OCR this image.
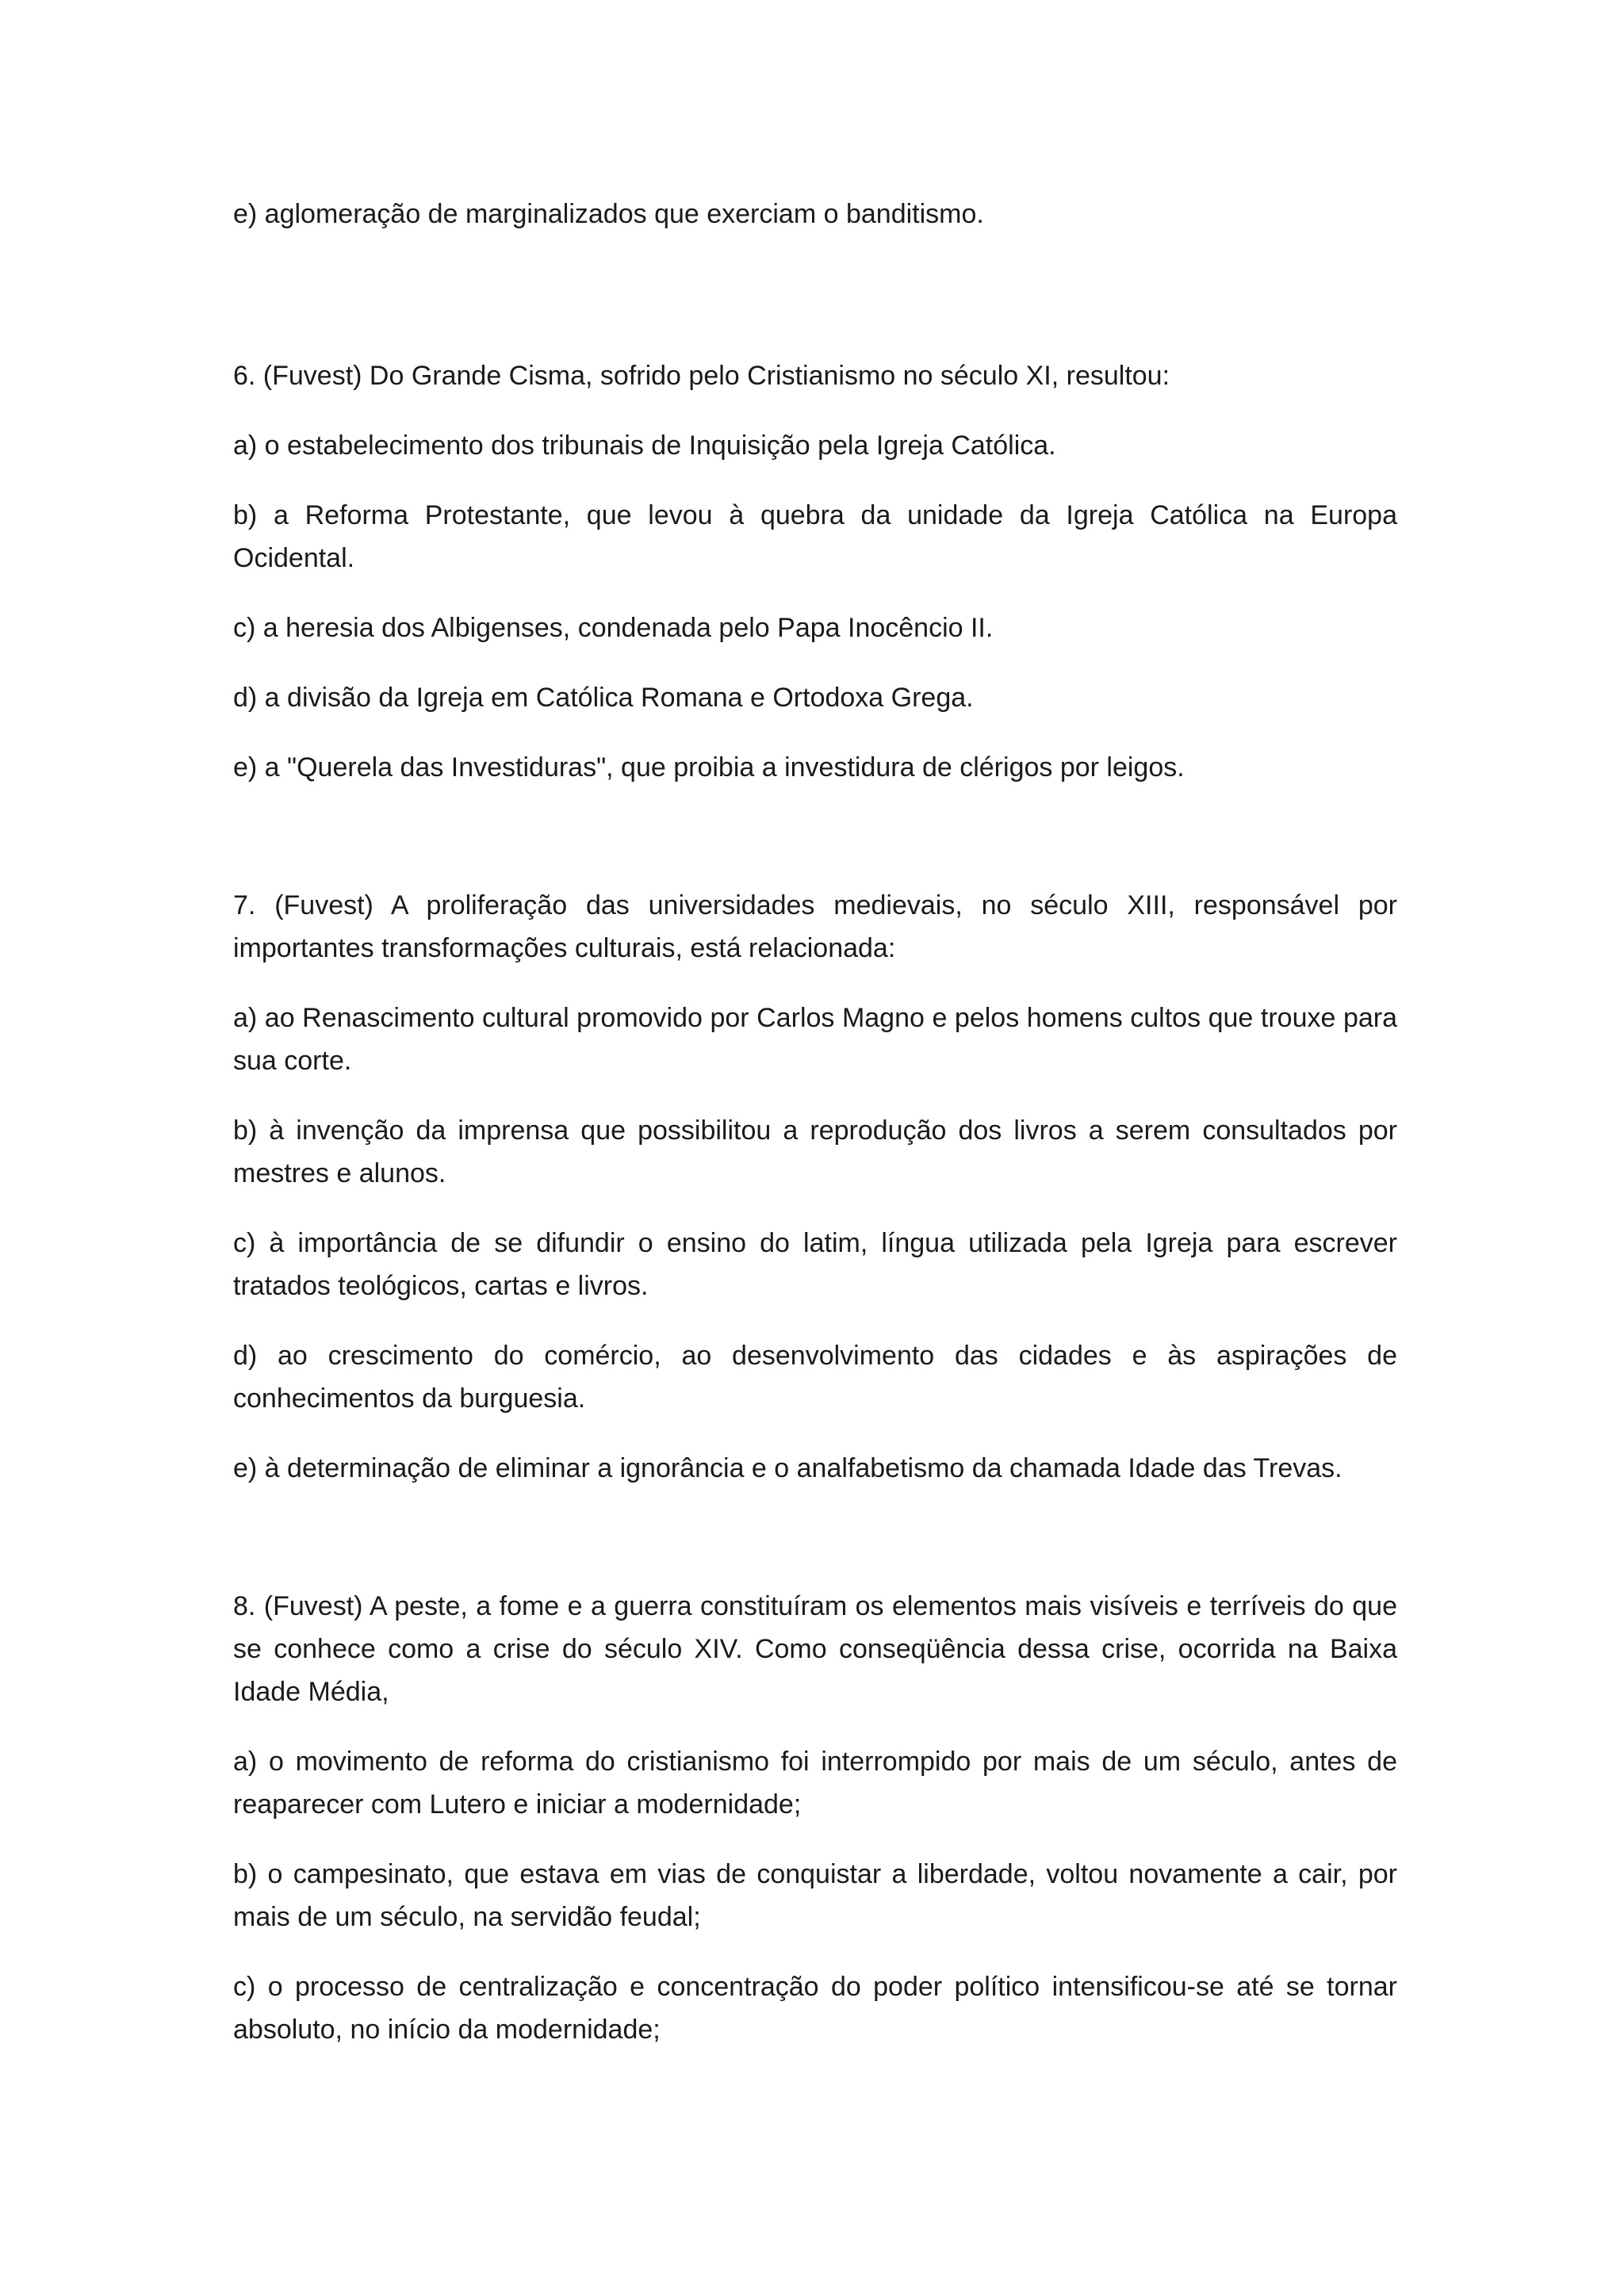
e) aglomeração de marginalizados que exerciam o banditismo.

6. (Fuvest) Do Grande Cisma, sofrido pelo Cristianismo no século XI, resultou:

a) o estabelecimento dos tribunais de Inquisição pela Igreja Católica.

b) a Reforma Protestante, que levou à quebra da unidade da Igreja Católica na Europa Ocidental.

c) a heresia dos Albigenses, condenada pelo Papa Inocêncio II.

d) a divisão da Igreja em Católica Romana e Ortodoxa Grega.

e) a "Querela das Investiduras", que proibia a investidura de clérigos por leigos.

7. (Fuvest) A proliferação das universidades medievais, no século XIII, responsável por importantes transformações culturais, está relacionada:

a) ao Renascimento cultural promovido por Carlos Magno e pelos homens cultos que trouxe para sua corte.

b) à invenção da imprensa que possibilitou a reprodução dos livros a serem consultados por mestres e alunos.

c) à importância de se difundir o ensino do latim, língua utilizada pela Igreja para escrever tratados teológicos, cartas e livros.

d) ao crescimento do comércio, ao desenvolvimento das cidades e às aspirações de conhecimentos da burguesia.

e) à determinação de eliminar a ignorância e o analfabetismo da chamada Idade das Trevas.

8. (Fuvest) A peste, a fome e a guerra constituíram os elementos mais visíveis e terríveis do que se conhece como a crise do século XIV. Como conseqüência dessa crise, ocorrida na Baixa Idade Média,

a) o movimento de reforma do cristianismo foi interrompido por mais de um século, antes de reaparecer com Lutero e iniciar a modernidade;

b) o campesinato, que estava em vias de conquistar a liberdade, voltou novamente a cair, por mais de um século, na servidão feudal;

c) o processo de centralização e concentração do poder político intensificou-se até se tornar absoluto, no início da modernidade;
